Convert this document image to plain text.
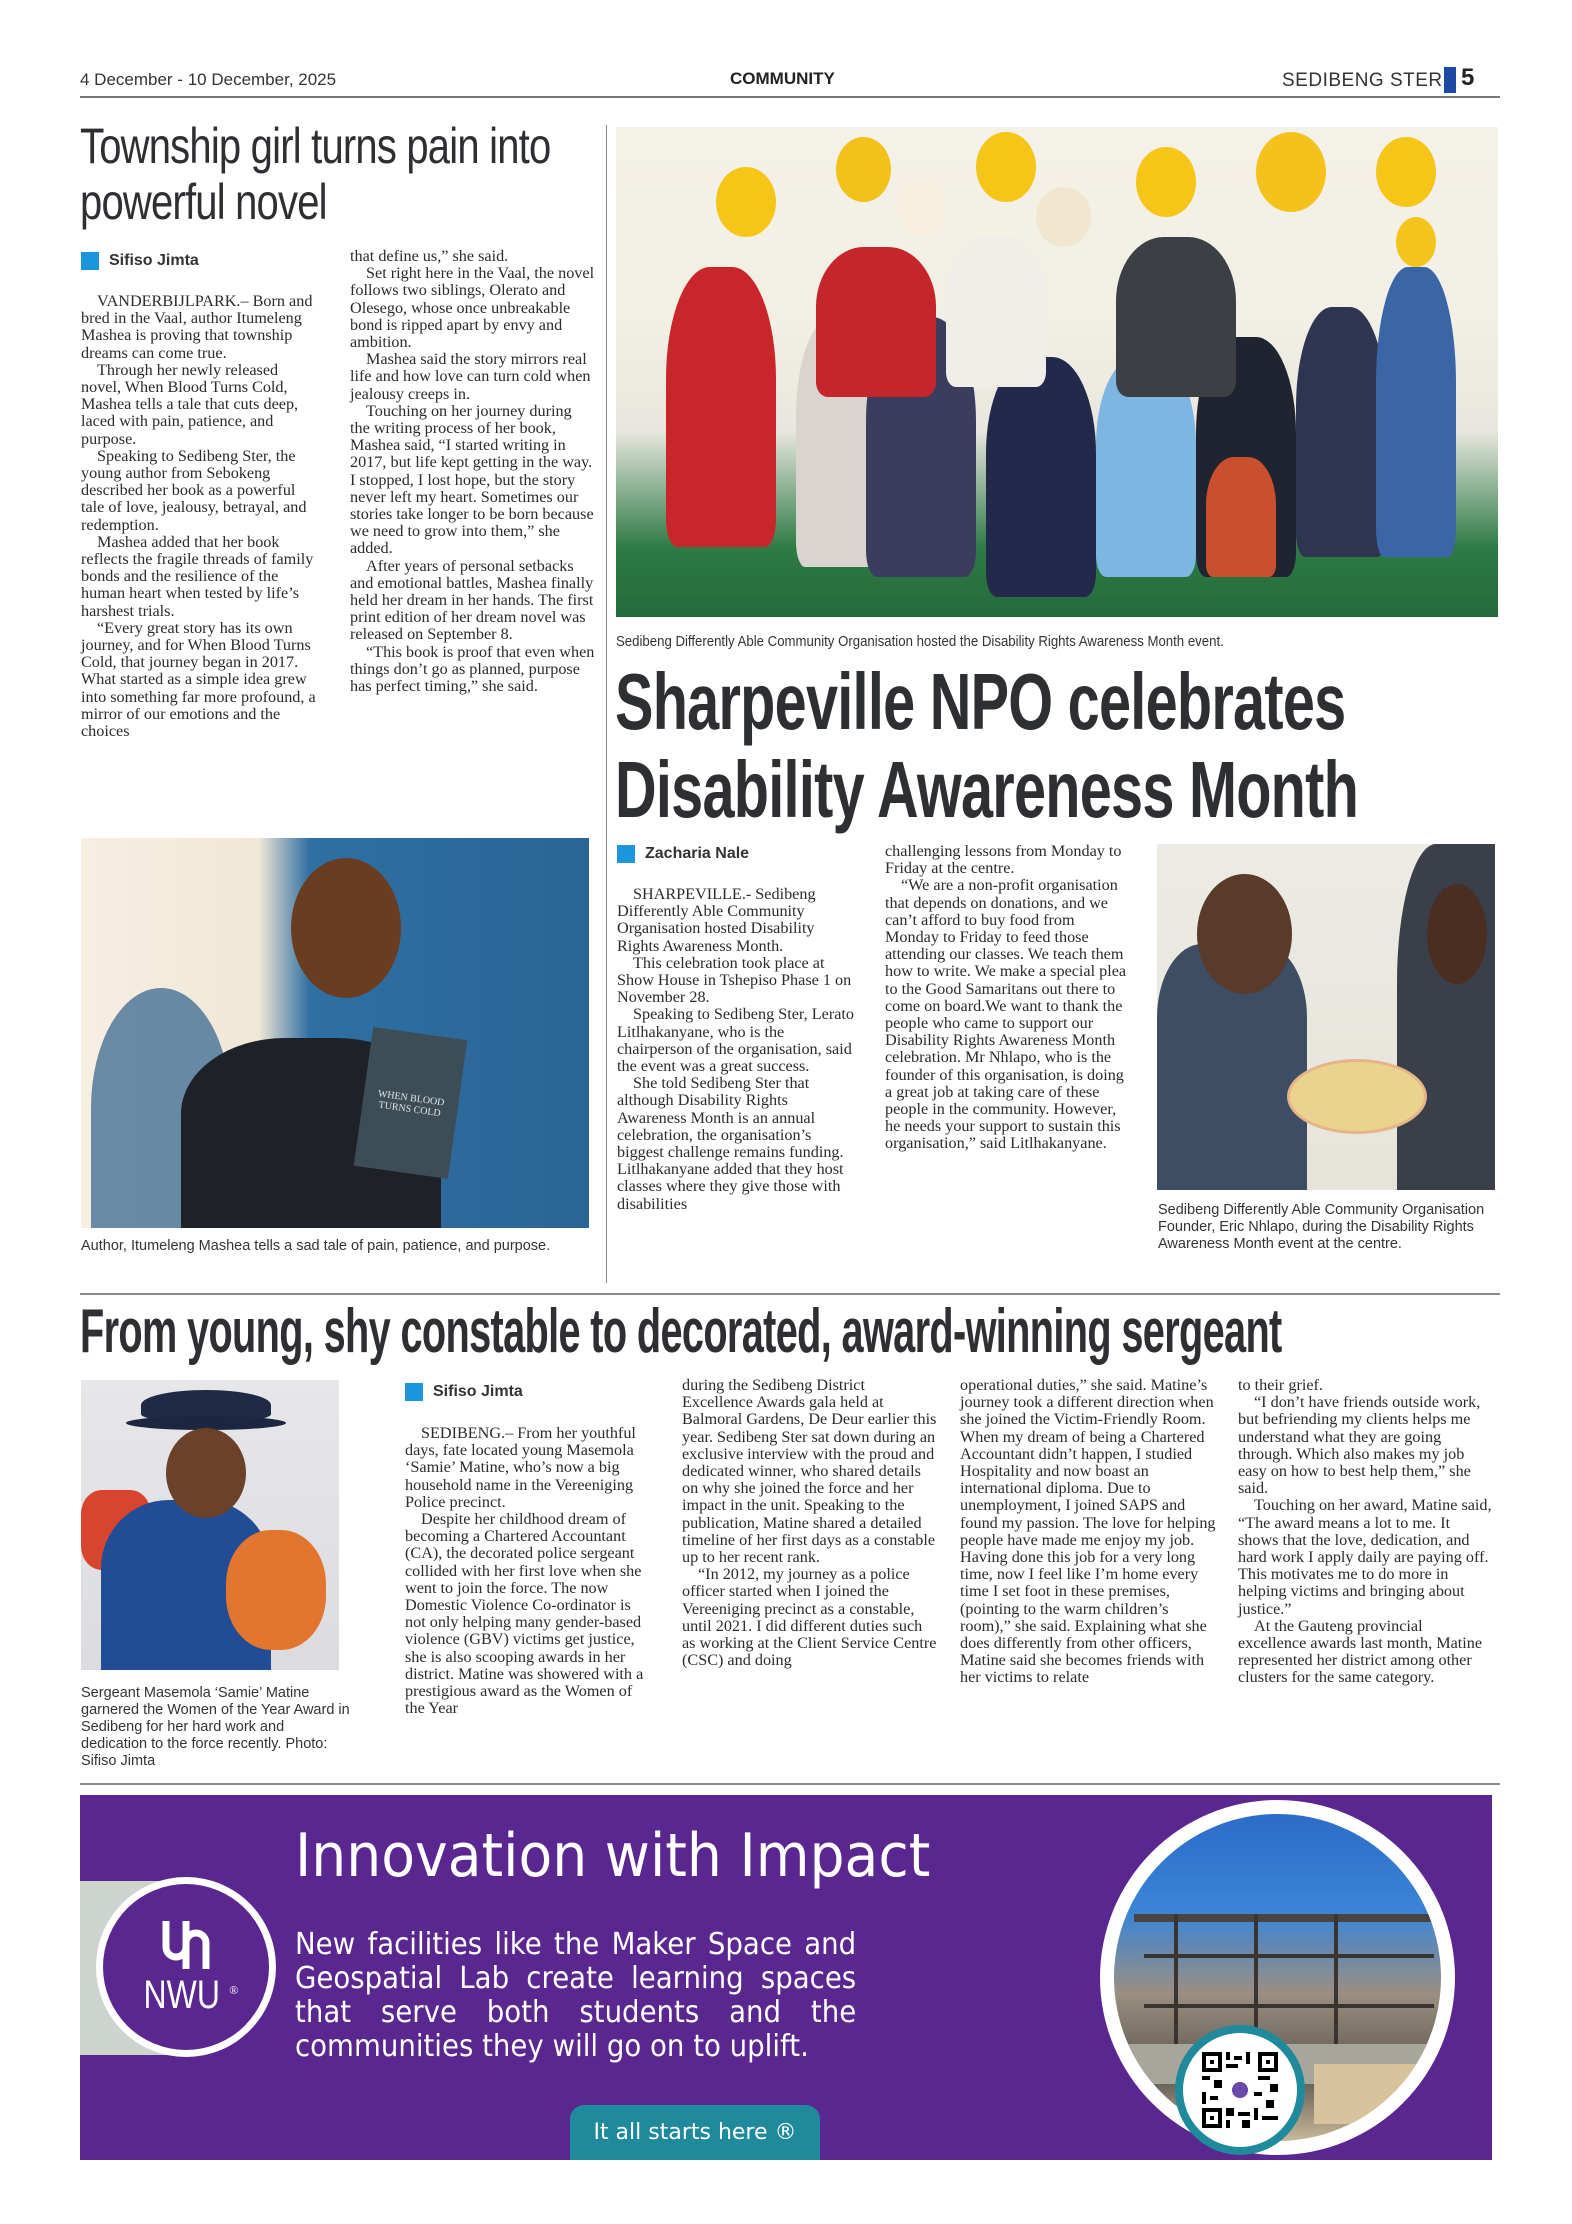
4 December - 10 December, 2025	COMMUNITY	SEDIBENG STER 5
Township girl turns pain into
powerful novel
Sifiso Jimta

VANDERBIJLPARK.– Born and bred in the Vaal, author Itumeleng Mashea is proving that township dreams can come true.

Through her newly released novel, When Blood Turns Cold, Mashea tells a tale that cuts deep, laced with pain, patience, and purpose.

Speaking to Sedibeng Ster, the young author from Sebokeng described her book as a powerful tale of love, jealousy, betrayal, and redemption.

Mashea added that her book reflects the fragile threads of family bonds and the resilience of the human heart when tested by life’s harshest trials.

“Every great story has its own journey, and for When Blood Turns Cold, that journey began in 2017. What started as a simple idea grew into something far more profound, a mirror of our emotions and the choices

that define us,” she said.

Set right here in the Vaal, the novel follows two siblings, Olerato and Olesego, whose once unbreakable bond is ripped apart by envy and ambition.

Mashea said the story mirrors real life and how love can turn cold when jealousy creeps in.

Touching on her journey during the writing process of her book, Mashea said, “I started writing in 2017, but life kept getting in the way. I stopped, I lost hope, but the story never left my heart. Sometimes our stories take longer to be born because we need to grow into them,” she added.

After years of personal setbacks and emotional battles, Mashea finally held her dream in her hands. The first print edition of her dream novel was released on September 8.

“This book is proof that even when things don’t go as planned, purpose has perfect timing,” she said.

WHEN BLOOD TURNS COLD
Author, Itumeleng Mashea tells a sad tale of pain, patience, and purpose.
Sedibeng Differently Able Community Organisation hosted the Disability Rights Awareness Month event.
Sharpeville NPO celebrates
Disability Awareness Month
Zacharia Nale

SHARPEVILLE.- Sedibeng Differently Able Community Organisation hosted Disability Rights Awareness Month.

This celebration took place at Show House in Tshepiso Phase 1 on November 28.

Speaking to Sedibeng Ster, Lerato Litlhakanyane, who is the chairperson of the organisation, said the event was a great success.

She told Sedibeng Ster that although Disability Rights Awareness Month is an annual celebration, the organisation’s biggest challenge remains funding. Litlhakanyane added that they host classes where they give those with disabilities

challenging lessons from Monday to Friday at the centre.

“We are a non-profit organisation that depends on donations, and we can’t afford to buy food from Monday to Friday to feed those attending our classes. We teach them how to write. We make a special plea to the Good Samaritans out there to come on board.We want to thank the people who came to support our Disability Rights Awareness Month celebration. Mr Nhlapo, who is the founder of this organisation, is doing a great job at taking care of these people in the community. However, he needs your support to sustain this organisation,” said Litlhakanyane.

Sedibeng Differently Able Community Organisation Founder, Eric Nhlapo, during the Disability Rights Awareness Month event at the centre.
From young, shy constable to decorated, award-winning sergeant
Sergeant Masemola ‘Samie’ Matine garnered the Women of the Year Award in Sedibeng for her hard work and dedication to the force recently. Photo: Sifiso Jimta
Sifiso Jimta

SEDIBENG.– From her youthful days, fate located young Masemola ‘Samie’ Matine, who’s now a big household name in the Vereeniging Police precinct.

Despite her childhood dream of becoming a Chartered Accountant (CA), the decorated police sergeant collided with her first love when she went to join the force. The now Domestic Violence Co-ordinator is not only helping many gender-based violence (GBV) victims get justice, she is also scooping awards in her district. Matine was showered with a prestigious award as the Women of the Year

during the Sedibeng District Excellence Awards gala held at Balmoral Gardens, De Deur earlier this year. Sedibeng Ster sat down during an exclusive interview with the proud and dedicated winner, who shared details on why she joined the force and her impact in the unit. Speaking to the publication, Matine shared a detailed timeline of her first days as a constable up to her recent rank.

“In 2012, my journey as a police officer started when I joined the Vereeniging precinct as a constable, until 2021. I did different duties such as working at the Client Service Centre (CSC) and doing

operational duties,” she said. Matine’s journey took a different direction when she joined the Victim-Friendly Room. When my dream of being a Chartered Accountant didn’t happen, I studied Hospitality and now boast an international diploma. Due to unemployment, I joined SAPS and found my passion. The love for helping people have made me enjoy my job. Having done this job for a very long time, now I feel like I’m home every time I set foot in these premises, (pointing to the warm children’s room),” she said. Explaining what she does differently from other officers, Matine said she becomes friends with her victims to relate

to their grief.

“I don’t have friends outside work, but befriending my clients helps me understand what they are going through. Which also makes my job easy on how to best help them,” she said.

Touching on her award, Matine said, “The award means a lot to me. It shows that the love, dedication, and hard work I apply daily are paying off. This motivates me to do more in helping victims and bringing about justice.”

At the Gauteng provincial excellence awards last month, Matine represented her district among other clusters for the same category.

NWU ®
Innovation with Impact
New facilities like the Maker Space and Geospatial Lab create learning spaces that serve both students and the communities they will go on to uplift.
It all starts here ®
